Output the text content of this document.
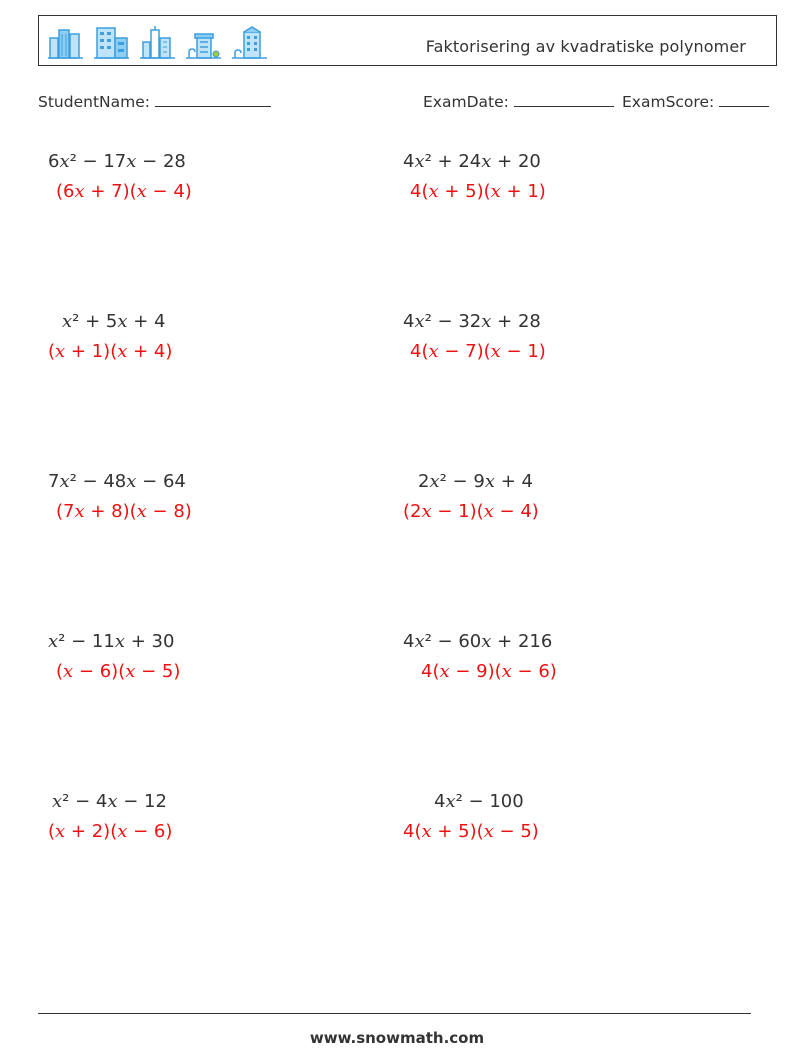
Faktorisering av kvadratiske polynomer
StudentName:	ExamDate:	ExamScore:
6x² − 17x − 28
(6x + 7)(x − 4)
x² + 5x + 4
(x + 1)(x + 4)
7x² − 48x − 64
(7x + 8)(x − 8)
x² − 11x + 30
(x − 6)(x − 5)
x² − 4x − 12
(x + 2)(x − 6)
4x² + 24x + 20
4(x + 5)(x + 1)
4x² − 32x + 28
4(x − 7)(x − 1)
2x² − 9x + 4
(2x − 1)(x − 4)
4x² − 60x + 216
4(x − 9)(x − 6)
4x² − 100
4(x + 5)(x − 5)
www.snowmath.com
